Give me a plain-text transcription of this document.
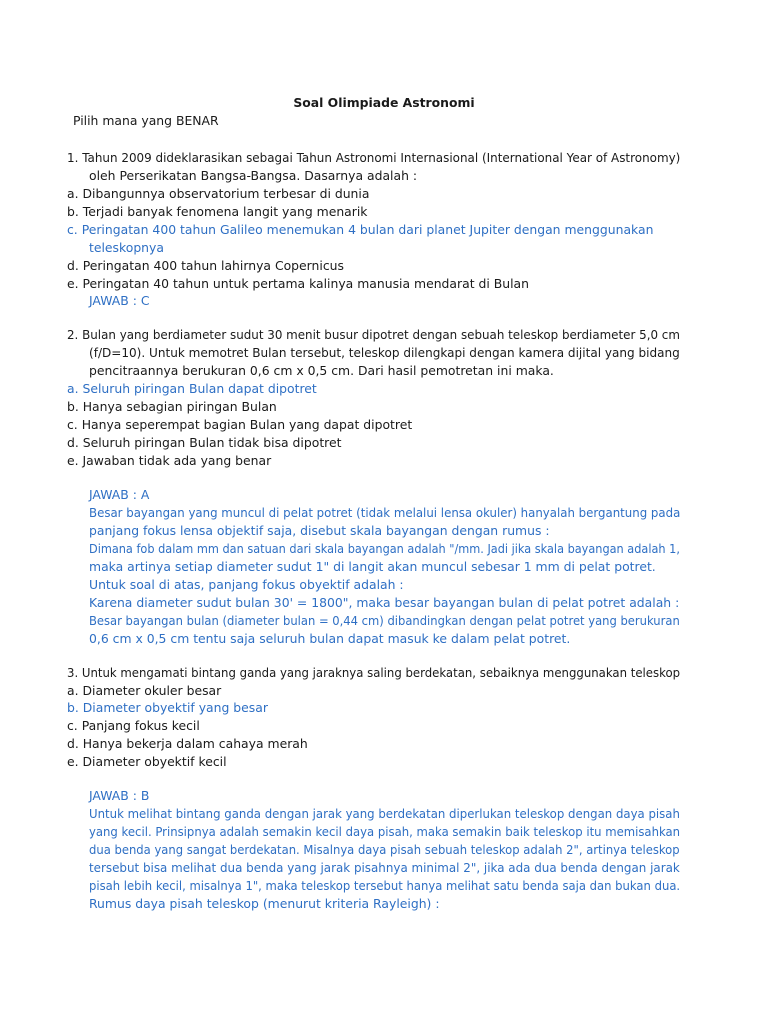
Soal Olimpiade Astronomi
Pilih mana yang BENAR
1. Tahun 2009 dideklarasikan sebagai Tahun Astronomi Internasional (International Year of Astronomy)
oleh Perserikatan Bangsa-Bangsa. Dasarnya adalah :
a. Dibangunnya observatorium terbesar di dunia
b. Terjadi banyak fenomena langit yang menarik
c. Peringatan 400 tahun Galileo menemukan 4 bulan dari planet Jupiter dengan menggunakan
teleskopnya
d. Peringatan 400 tahun lahirnya Copernicus
e. Peringatan 40 tahun untuk pertama kalinya manusia mendarat di Bulan
JAWAB : C
2. Bulan yang berdiameter sudut 30 menit busur dipotret dengan sebuah teleskop berdiameter 5,0 cm
(f/D=10). Untuk memotret Bulan tersebut, teleskop dilengkapi dengan kamera dijital yang bidang
pencitraannya berukuran 0,6 cm x 0,5 cm. Dari hasil pemotretan ini maka.
a. Seluruh piringan Bulan dapat dipotret
b. Hanya sebagian piringan Bulan
c. Hanya seperempat bagian Bulan yang dapat dipotret
d. Seluruh piringan Bulan tidak bisa dipotret
e. Jawaban tidak ada yang benar
JAWAB : A
Besar bayangan yang muncul di pelat potret (tidak melalui lensa okuler) hanyalah bergantung pada
panjang fokus lensa objektif saja, disebut skala bayangan dengan rumus :
Dimana fob dalam mm dan satuan dari skala bayangan adalah "/mm. Jadi jika skala bayangan adalah 1,
maka artinya setiap diameter sudut 1" di langit akan muncul sebesar 1 mm di pelat potret.
Untuk soal di atas, panjang fokus obyektif adalah :
Karena diameter sudut bulan 30' = 1800", maka besar bayangan bulan di pelat potret adalah :
Besar bayangan bulan (diameter bulan = 0,44 cm) dibandingkan dengan pelat potret yang berukuran
0,6 cm x 0,5 cm tentu saja seluruh bulan dapat masuk ke dalam pelat potret.
3. Untuk mengamati bintang ganda yang jaraknya saling berdekatan, sebaiknya menggunakan teleskop
a. Diameter okuler besar
b. Diameter obyektif yang besar
c. Panjang fokus kecil
d. Hanya bekerja dalam cahaya merah
e. Diameter obyektif kecil
JAWAB : B
Untuk melihat bintang ganda dengan jarak yang berdekatan diperlukan teleskop dengan daya pisah
yang kecil. Prinsipnya adalah semakin kecil daya pisah, maka semakin baik teleskop itu memisahkan
dua benda yang sangat berdekatan. Misalnya daya pisah sebuah teleskop adalah 2", artinya teleskop
tersebut bisa melihat dua benda yang jarak pisahnya minimal 2", jika ada dua benda dengan jarak
pisah lebih kecil, misalnya 1", maka teleskop tersebut hanya melihat satu benda saja dan bukan dua.
Rumus daya pisah teleskop (menurut kriteria Rayleigh) :
